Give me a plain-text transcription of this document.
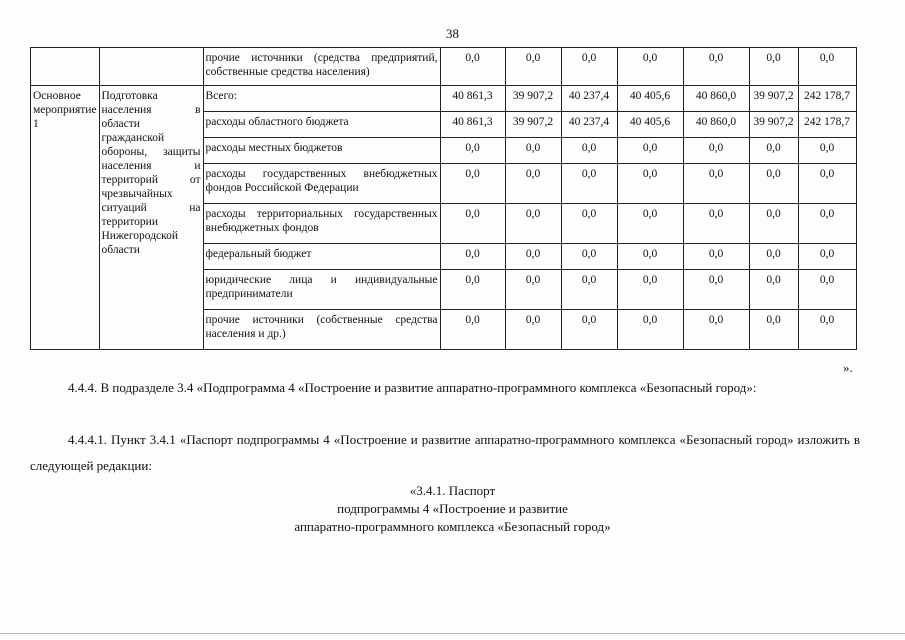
38
		прочие источники (средства предприятий, собственные средства населения)	0,0	0,0	0,0	0,0	0,0	0,0	0,0
Основное мероприятие 1	Подготовка населения в области гражданской обороны, защиты населения и территорий от чрезвычайных ситуаций на территории Нижегородской области	Всего:	40 861,3	39 907,2	40 237,4	40 405,6	40 860,0	39 907,2	242 178,7
		расходы областного бюджета	40 861,3	39 907,2	40 237,4	40 405,6	40 860,0	39 907,2	242 178,7
		расходы местных бюджетов	0,0	0,0	0,0	0,0	0,0	0,0	0,0
		расходы государственных внебюджетных фондов Российской Федерации	0,0	0,0	0,0	0,0	0,0	0,0	0,0
		расходы территориальных государственных внебюджетных фондов	0,0	0,0	0,0	0,0	0,0	0,0	0,0
		федеральный бюджет	0,0	0,0	0,0	0,0	0,0	0,0	0,0
		юридические лица и индивидуальные предприниматели	0,0	0,0	0,0	0,0	0,0	0,0	0,0
		прочие источники (собственные средства населения и др.)	0,0	0,0	0,0	0,0	0,0	0,0	0,0
».
4.4.4. В подразделе 3.4 «Подпрограмма 4 «Построение и развитие аппаратно-программного комплекса «Безопасный город»:
4.4.4.1. Пункт 3.4.1 «Паспорт подпрограммы 4 «Построение и развитие аппаратно-программного комплекса «Безопасный город» изложить в следующей редакции:
«3.4.1. Паспорт
подпрограммы 4 «Построение и развитие
аппаратно-программного комплекса «Безопасный город»
